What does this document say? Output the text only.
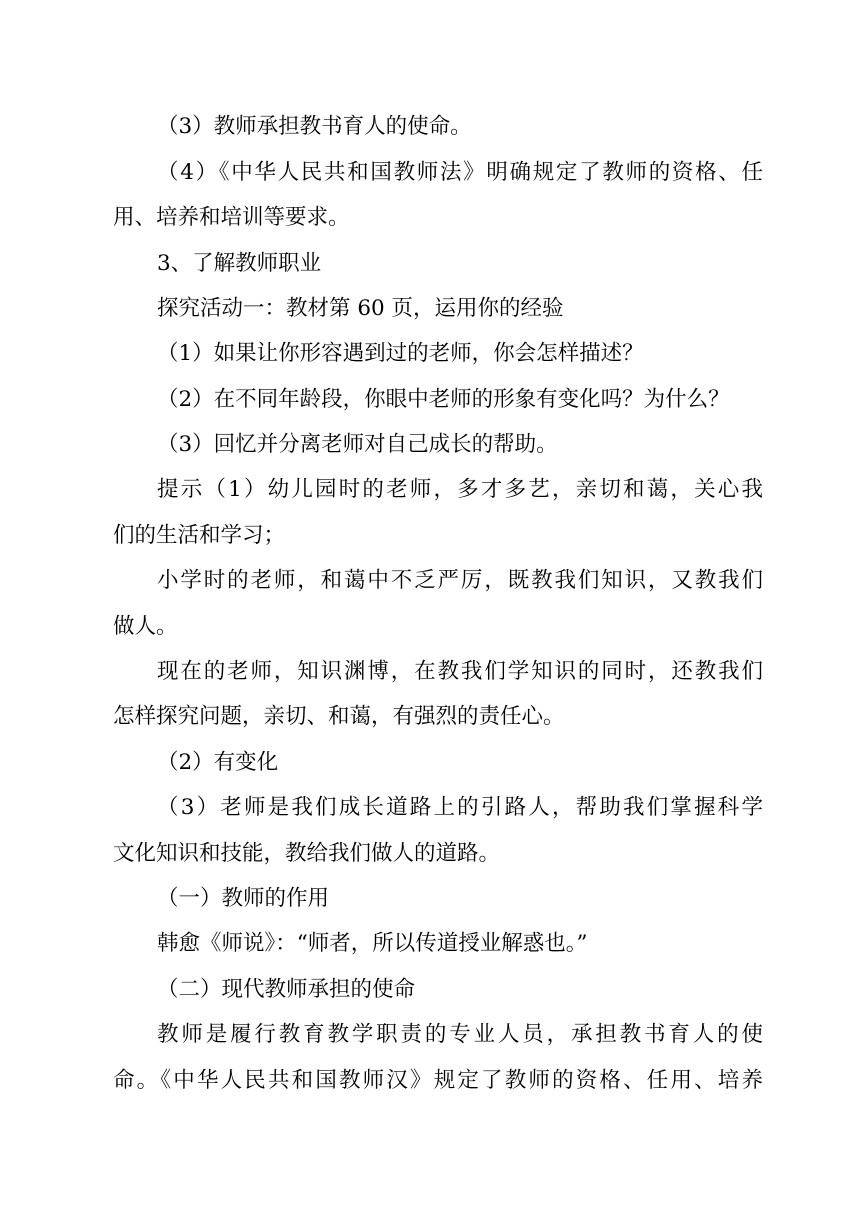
（3）教师承担教书育人的使命。
（4）《中华人民共和国教师法》明确规定了教师的资格、任
用、培养和培训等要求。
3、了解教师职业
探究活动一：教材第 60 页，运用你的经验
（1）如果让你形容遇到过的老师，你会怎样描述？
（2）在不同年龄段，你眼中老师的形象有变化吗？为什么？
（3）回忆并分离老师对自己成长的帮助。
提示（1）幼儿园时的老师，多才多艺，亲切和蔼，关心我
们的生活和学习；
小学时的老师，和蔼中不乏严厉，既教我们知识，又教我们
做人。
现在的老师，知识渊博，在教我们学知识的同时，还教我们
怎样探究问题，亲切、和蔼，有强烈的责任心。
（2）有变化
（3）老师是我们成长道路上的引路人，帮助我们掌握科学
文化知识和技能，教给我们做人的道路。
（一）教师的作用
韩愈《师说》：“师者，所以传道授业解惑也。”
（二）现代教师承担的使命
教师是履行教育教学职责的专业人员，承担教书育人的使
命。《中华人民共和国教师汉》规定了教师的资格、任用、培养
